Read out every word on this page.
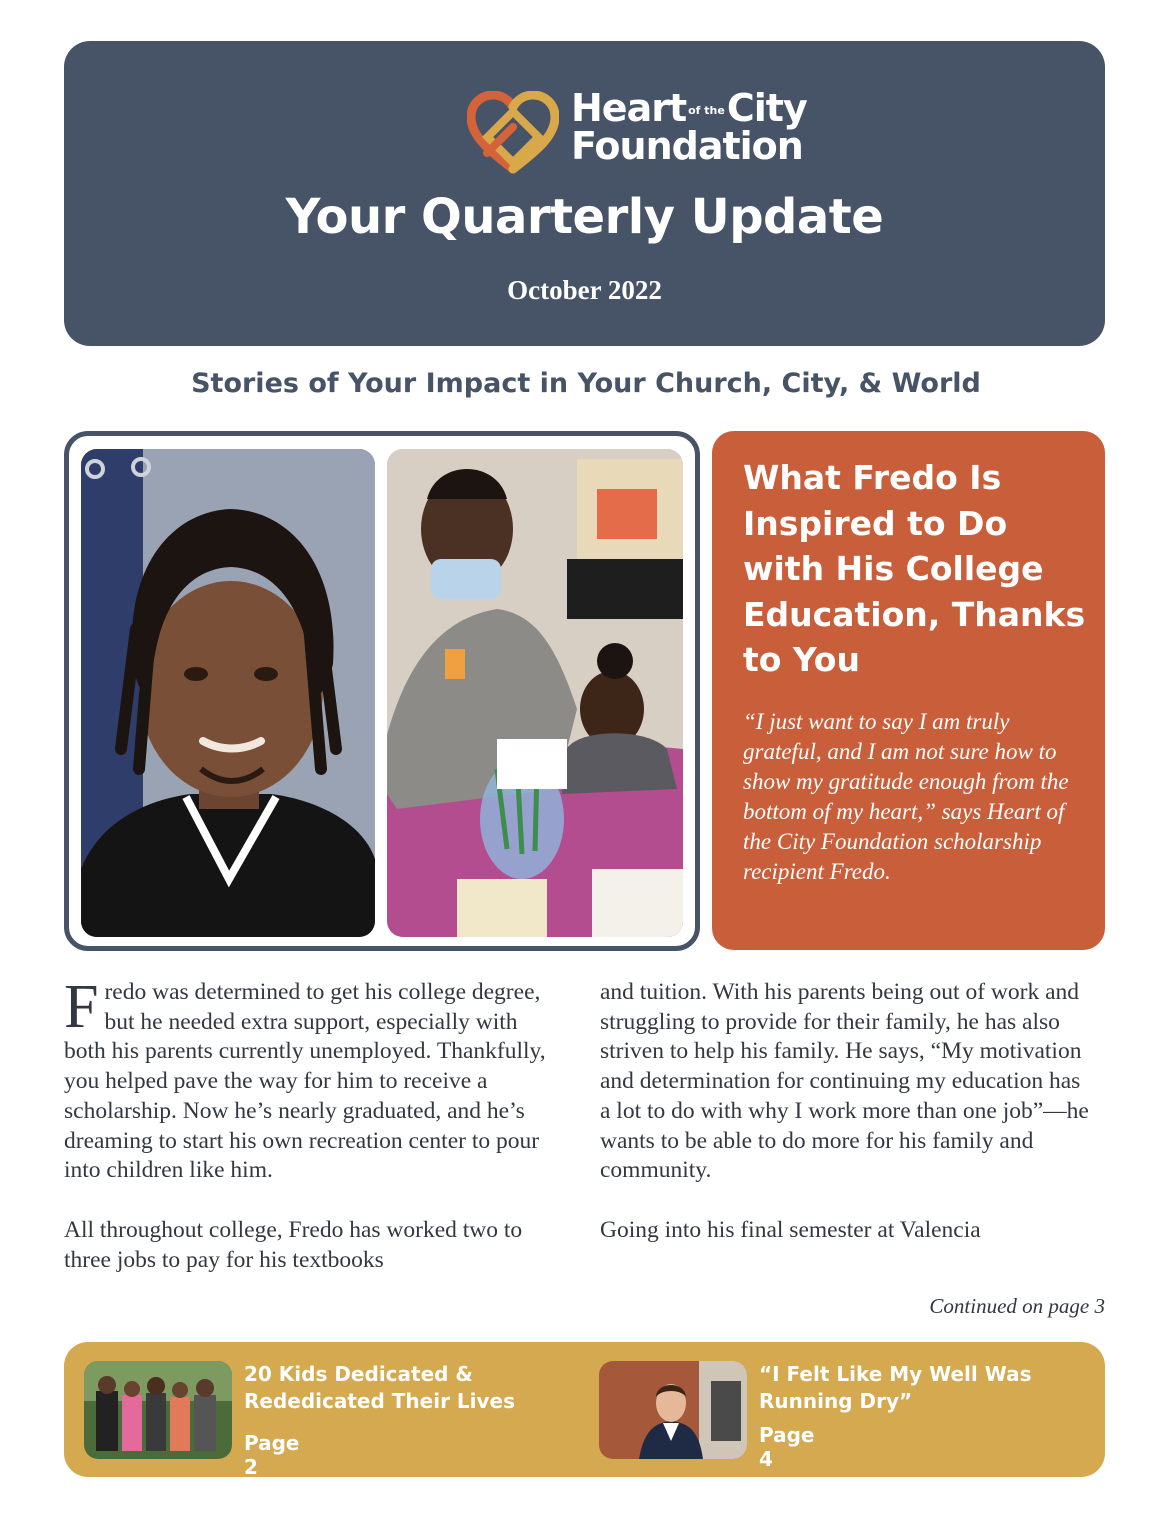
Heart of theCity
Foundation
Your Quarterly Update
October 2022
Stories of Your Impact in Your Church, City, & World
What Fredo Is Inspired to Do with His College Education, Thanks to You

“I just want to say I am truly grateful, and I am not sure how to show my gratitude enough from the bottom of my heart,” says Heart of the City Foundation scholarship recipient Fredo.

Fredo was determined to get his college degree, but he needed extra support, especially with both his parents currently unemployed. Thankfully, you helped pave the way for him to receive a scholarship. Now he’s nearly graduated, and he’s dreaming to start his own recreation center to pour into children like him.

All throughout college, Fredo has worked two to three jobs to pay for his textbooks

and tuition. With his parents being out of work and struggling to provide for their family, he has also striven to help his family. He says, “My motivation and determination for continuing my education has a lot to do with why I work more than one job”—he wants to be able to do more for his family and community.

Going into his final semester at Valencia

Continued on page 3
20 Kids Dedicated & Rededicated Their Lives
Page 2
“I Felt Like My Well Was Running Dry”
Page 4
